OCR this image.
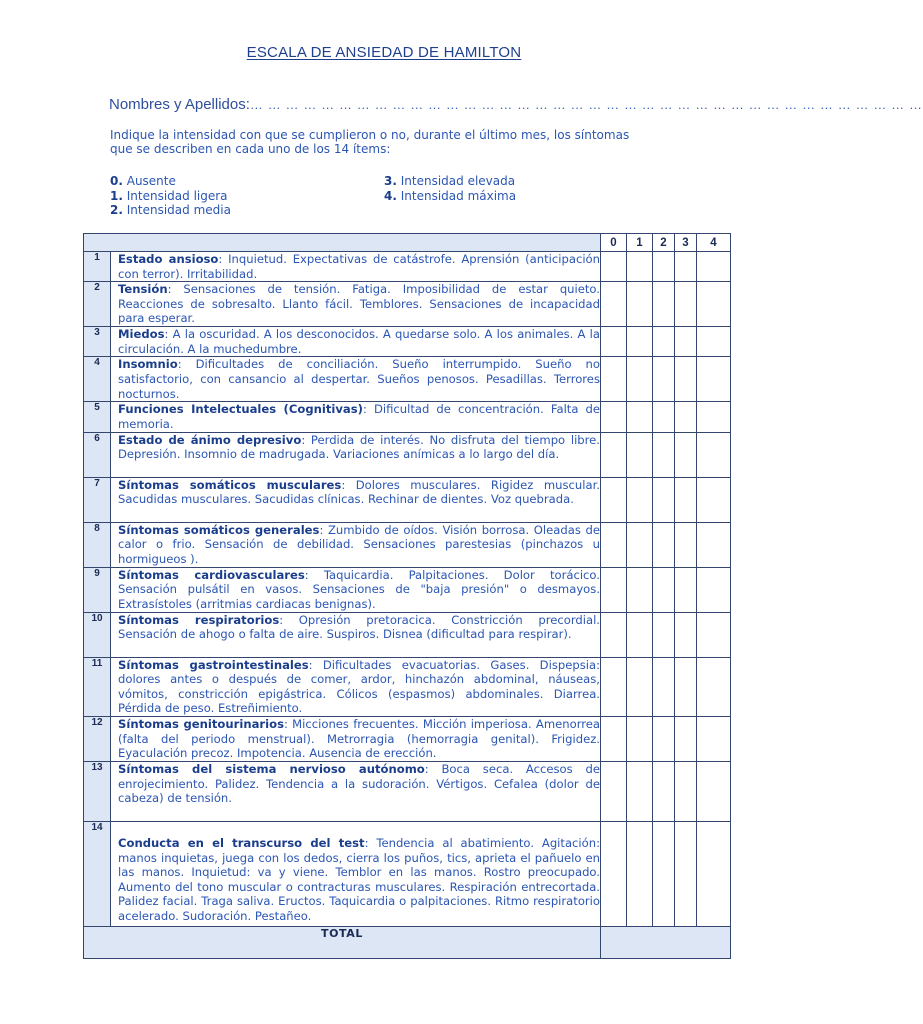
ESCALA DE ANSIEDAD DE HAMILTON
Nombres y Apellidos:… … … … … … … … … … … … … … … … … … … … … … … … … … … … … … … … … … … … … …
Indique la intensidad con que se cumplieron o no, durante el último mes, los síntomas
que se describen en cada uno de los 14 ítems:
0. Ausente
1. Intensidad ligera
2. Intensidad media
3. Intensidad elevada
4. Intensidad máxima
		0	1	2	3	4
1	Estado ansioso: Inquietud. Expectativas de catástrofe. Aprensión (anticipación con terror). Irritabilidad.					

2	Tensión: Sensaciones de tensión. Fatiga. Imposibilidad de estar quieto. Reacciones de sobresalto. Llanto fácil. Temblores. Sensaciones de incapacidad para esperar.					

3	Miedos: A la oscuridad. A los desconocidos. A quedarse solo. A los animales. A la circulación. A la muchedumbre.					

4	Insomnio: Dificultades de conciliación. Sueño interrumpido. Sueño no satisfactorio, con cansancio al despertar. Sueños penosos. Pesadillas. Terrores nocturnos.					

5	Funciones Intelectuales (Cognitivas): Dificultad de concentración. Falta de memoria.					

6	Estado de ánimo depresivo: Perdida de interés. No disfruta del tiempo libre. Depresión. Insomnio de madrugada. Variaciones anímicas a lo largo del día.					

7	Síntomas somáticos musculares: Dolores musculares. Rigidez muscular. Sacudidas musculares. Sacudidas clínicas. Rechinar de dientes. Voz quebrada.					

8	Síntomas somáticos generales: Zumbido de oídos. Visión borrosa. Oleadas de calor o frio. Sensación de debilidad. Sensaciones parestesias (pinchazos u hormigueos ).					

9	Síntomas cardiovasculares: Taquicardia. Palpitaciones. Dolor torácico. Sensación pulsátil en vasos. Sensaciones de "baja presión" o desmayos. Extrasístoles (arritmias cardiacas benignas).					

10	Síntomas respiratorios: Opresión pretoracica. Constricción precordial. Sensación de ahogo o falta de aire. Suspiros. Disnea (dificultad para respirar).					

11	Síntomas gastrointestinales: Dificultades evacuatorias. Gases. Dispepsia: dolores antes o después de comer, ardor, hinchazón abdominal, náuseas, vómitos, constricción epigástrica. Cólicos (espasmos) abdominales. Diarrea. Pérdida de peso. Estreñimiento.					

12	Síntomas genitourinarios: Micciones frecuentes. Micción imperiosa. Amenorrea (falta del periodo menstrual). Metrorragia (hemorragia genital). Frigidez. Eyaculación precoz. Impotencia. Ausencia de erección.					

13	Síntomas del sistema nervioso autónomo: Boca seca. Accesos de enrojecimiento. Palidez. Tendencia a la sudoración. Vértigos. Cefalea (dolor de cabeza) de tensión.					

14	Conducta en el transcurso del test: Tendencia al abatimiento. Agitación: manos inquietas, juega con los dedos, cierra los puños, tics, aprieta el pañuelo en las manos. Inquietud: va y viene. Temblor en las manos. Rostro preocupado. Aumento del tono muscular o contracturas musculares. Respiración entrecortada. Palidez facial. Traga saliva. Eructos. Taquicardia o palpitaciones. Ritmo respiratorio acelerado. Sudoración. Pestañeo.					

TOTAL						
